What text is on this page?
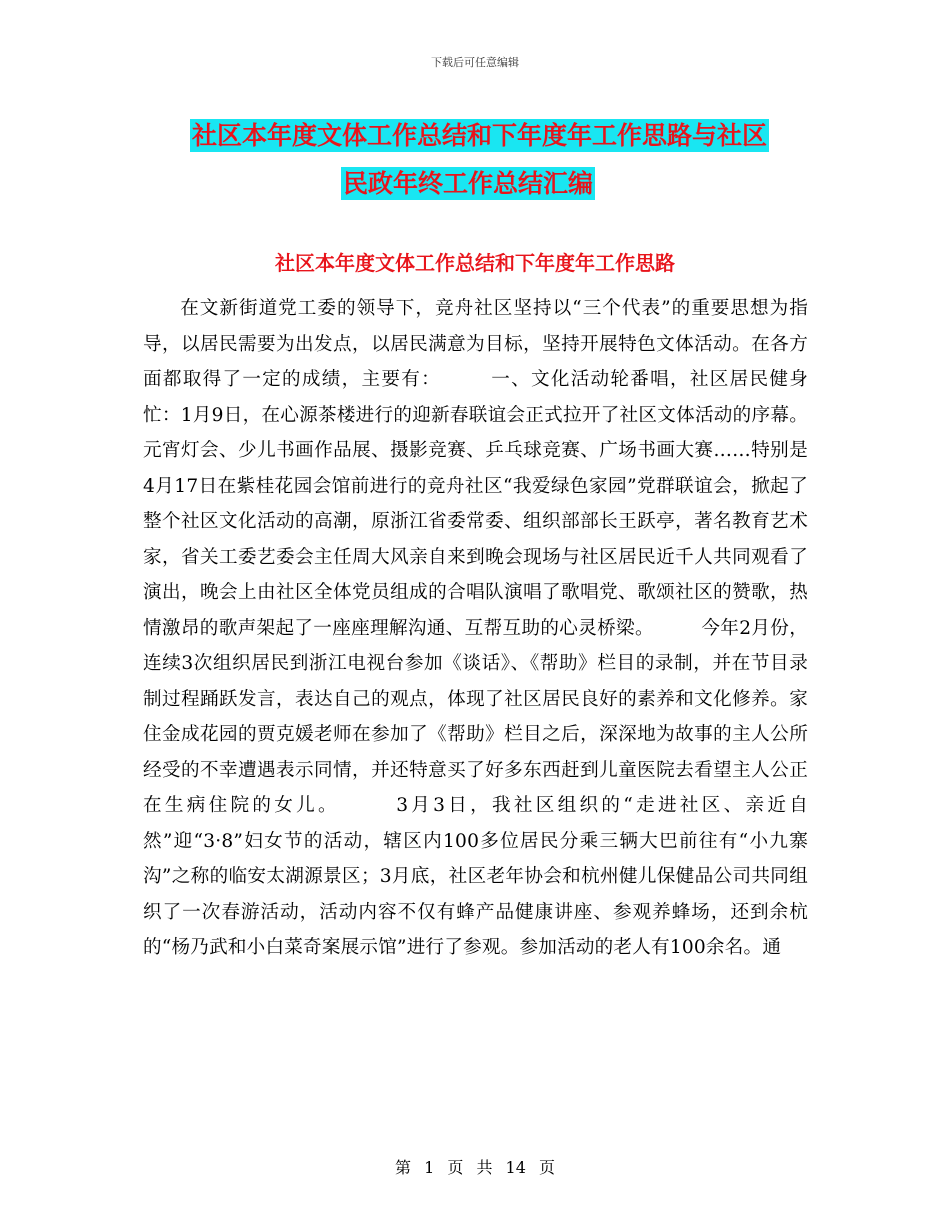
下载后可任意编辑
社区本年度文体工作总结和下年度年工作思路与社区
民政年终工作总结汇编
社区本年度文体工作总结和下年度年工作思路

在文新街道党工委的领导下，竞舟社区坚持以“三个代表”的重要思想为指导，以居民需要为出发点，以居民满意为目标，坚持开展特色文体活动。在各方面都取得了一定的成绩，主要有：　　　一、文化活动轮番唱，社区居民健身忙：1月9日，在心源茶楼进行的迎新春联谊会正式拉开了社区文体活动的序幕。元宵灯会、少儿书画作品展、摄影竞赛、乒乓球竞赛、广场书画大赛……特别是4月17日在紫桂花园会馆前进行的竞舟社区“我爱绿色家园”党群联谊会，掀起了整个社区文化活动的高潮，原浙江省委常委、组织部部长王跃亭，著名教育艺术家，省关工委艺委会主任周大风亲自来到晚会现场与社区居民近千人共同观看了演出，晚会上由社区全体党员组成的合唱队演唱了歌唱党、歌颂社区的赞歌，热情激昂的歌声架起了一座座理解沟通、互帮互助的心灵桥梁。　　　今年2月份，连续3次组织居民到浙江电视台参加《谈话》、《帮助》栏目的录制，并在节目录制过程踊跃发言，表达自己的观点，体现了社区居民良好的素养和文化修养。家住金成花园的贾克媛老师在参加了《帮助》栏目之后，深深地为故事的主人公所经受的不幸遭遇表示同情，并还特意买了好多东西赶到儿童医院去看望主人公正在生病住院的女儿。　　　3月3日，我社区组织的“走进社区、亲近自然”迎“3·8”妇女节的活动，辖区内100多位居民分乘三辆大巴前往有“小九寨沟”之称的临安太湖源景区；3月底，社区老年协会和杭州健儿保健品公司共同组织了一次春游活动，活动内容不仅有蜂产品健康讲座、参观养蜂场，还到余杭的“杨乃武和小白菜奇案展示馆”进行了参观。参加活动的老人有100余名。通

第 1 页 共 14 页
